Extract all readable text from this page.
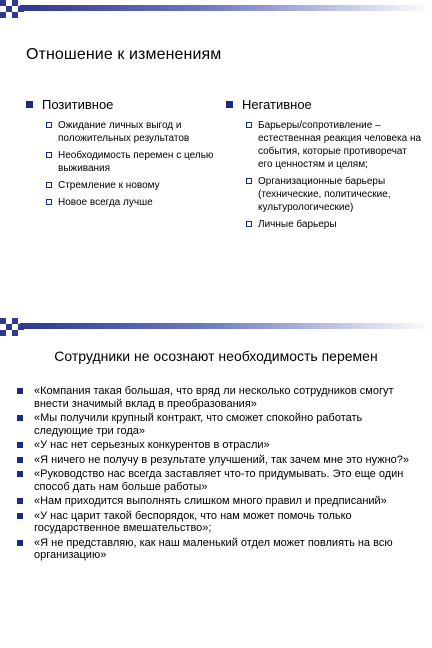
Отношение к изменениям
Позитивное
Ожидание личных выгод и положительных результатов
Необходимость перемен с целью выживания
Стремление к новому
Новое всегда лучше
Негативное
Барьеры/сопротивление – естественная реакция человека на события, которые противоречат его ценностям и целям;
Организационные барьеры (технические, политические, культурологические)
Личные барьеры
Сотрудники не осознают необходимость перемен
«Компания такая большая, что вряд ли несколько сотрудников смогут внести значимый вклад в преобразования»
«Мы получили крупный контракт, что сможет спокойно работать следующие три года»
«У нас нет серьезных конкурентов в отрасли»
«Я ничего не получу в результате улучшений, так зачем мне это нужно?»
«Руководство нас всегда заставляет что-то придумывать. Это еще один способ дать нам больше работы»
«Нам приходится выполнять слишком много правил и предписаний»
«У нас царит такой беспорядок, что нам может помочь только государственное вмешательство»;
«Я не представляю, как наш маленький отдел может повлиять на всю организацию»
